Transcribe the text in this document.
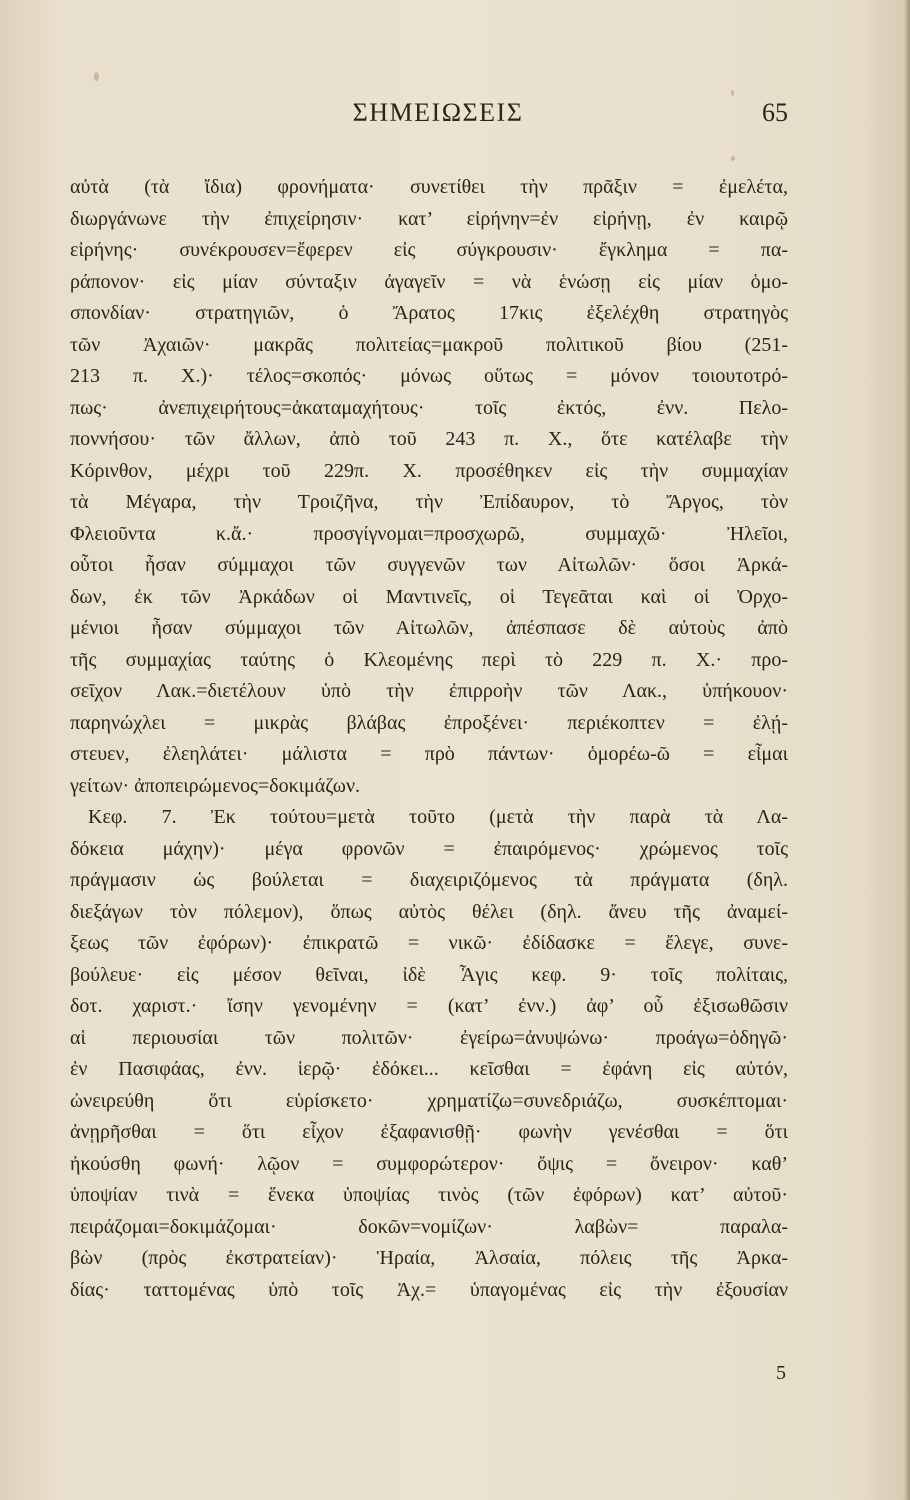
ΣΗΜΕΙΩΣΕΙΣ	65
αὐτὰ (τὰ ἴδια) φρονήματα· συνετίθει τὴν πρᾶξιν = ἐμελέτα,
διωργάνωνε τὴν ἐπιχείρησιν· κατ’ εἰρήνην=ἐν εἰρήνῃ, ἐν καιρῷ
εἰρήνης· συνέκρουσεν=ἔφερεν εἰς σύγκρουσιν· ἔγκλημα = πα-
ράπονον· εἰς μίαν σύνταξιν ἀγαγεῖν = νὰ ἑνώσῃ εἰς μίαν ὁμο-
σπονδίαν· στρατηγιῶν, ὁ Ἄρατος 17κις ἐξελέχθη στρατηγὸς
τῶν Ἀχαιῶν· μακρᾶς πολιτείας=μακροῦ πολιτικοῦ βίου (251-
213 π. Χ.)· τέλος=σκοπός· μόνως οὕτως = μόνον τοιουτοτρό-
πως· ἀνεπιχειρήτους=ἀκαταμαχήτους· τοῖς ἐκτός, ἐνν. Πελο-
ποννήσου· τῶν ἄλλων, ἀπὸ τοῦ 243 π. Χ., ὅτε κατέλαβε τὴν
Κόρινθον, μέχρι τοῦ 229π. Χ. προσέθηκεν εἰς τὴν συμμαχίαν
τὰ Μέγαρα, τὴν Τροιζῆνα, τὴν Ἐπίδαυρον, τὸ Ἄργος, τὸν
Φλειοῦντα κ.ἄ.· προσγίγνομαι=προσχωρῶ, συμμαχῶ· Ἠλεῖοι,
οὗτοι ἦσαν σύμμαχοι τῶν συγγενῶν των Αἰτωλῶν· ὅσοι Ἀρκά-
δων, ἐκ τῶν Ἀρκάδων οἱ Μαντινεῖς, οἱ Τεγεᾶται καὶ οἱ Ὀρχο-
μένιοι ἦσαν σύμμαχοι τῶν Αἰτωλῶν, ἀπέσπασε δὲ αὐτοὺς ἀπὸ
τῆς συμμαχίας ταύτης ὁ Κλεομένης περὶ τὸ 229 π. Χ.· προ-
σεῖχον Λακ.=διετέλουν ὑπὸ τὴν ἐπιρροὴν τῶν Λακ., ὑπήκουον·
παρηνώχλει = μικρὰς βλάβας ἐπροξένει· περιέκοπτεν = ἐλῄ-
στευεν, ἐλεηλάτει· μάλιστα = πρὸ πάντων· ὁμορέω-ῶ = εἶμαι
γείτων· ἀποπειρώμενος=δοκιμάζων.
Κεφ. 7. Ἐκ τούτου=μετὰ τοῦτο (μετὰ τὴν παρὰ τὰ Λα-
δόκεια μάχην)· μέγα φρονῶν = ἐπαιρόμενος· χρώμενος τοῖς
πράγμασιν ὡς βούλεται = διαχειριζόμενος τὰ πράγματα (δηλ.
διεξάγων τὸν πόλεμον), ὅπως αὐτὸς θέλει (δηλ. ἄνευ τῆς ἀναμεί-
ξεως τῶν ἐφόρων)· ἐπικρατῶ = νικῶ· ἐδίδασκε = ἔλεγε, συνε-
βούλευε· εἰς μέσον θεῖναι, ἰδὲ Ἆγις κεφ. 9· τοῖς πολίταις,
δοτ. χαριστ.· ἴσην γενομένην = (κατ’ ἐνν.) ἀφ’ οὗ ἐξισωθῶσιν
αἱ περιουσίαι τῶν πολιτῶν· ἐγείρω=ἀνυψώνω· προάγω=ὁδηγῶ·
ἐν Πασιφάας, ἐνν. ἱερῷ· ἐδόκει... κεῖσθαι = ἐφάνη εἰς αὐτόν,
ὠνειρεύθη ὅτι εὑρίσκετο· χρηματίζω=συνεδριάζω, συσκέπτομαι·
ἀνῃρῆσθαι = ὅτι εἶχον ἐξαφανισθῇ· φωνὴν γενέσθαι = ὅτι
ἠκούσθη φωνή· λῷον = συμφορώτερον· ὄψις = ὄνειρον· καθ’
ὑποψίαν τινὰ = ἕνεκα ὑποψίας τινὸς (τῶν ἐφόρων) κατ’ αὐτοῦ·
πειράζομαι=δοκιμάζομαι· δοκῶν=νομίζων· λαβὼν= παραλα-
βὼν (πρὸς ἐκστρατείαν)· Ἡραία, Ἀλσαία, πόλεις τῆς Ἀρκα-
δίας· ταττομένας ὑπὸ τοῖς Ἀχ.= ὑπαγομένας εἰς τὴν ἐξουσίαν
5
